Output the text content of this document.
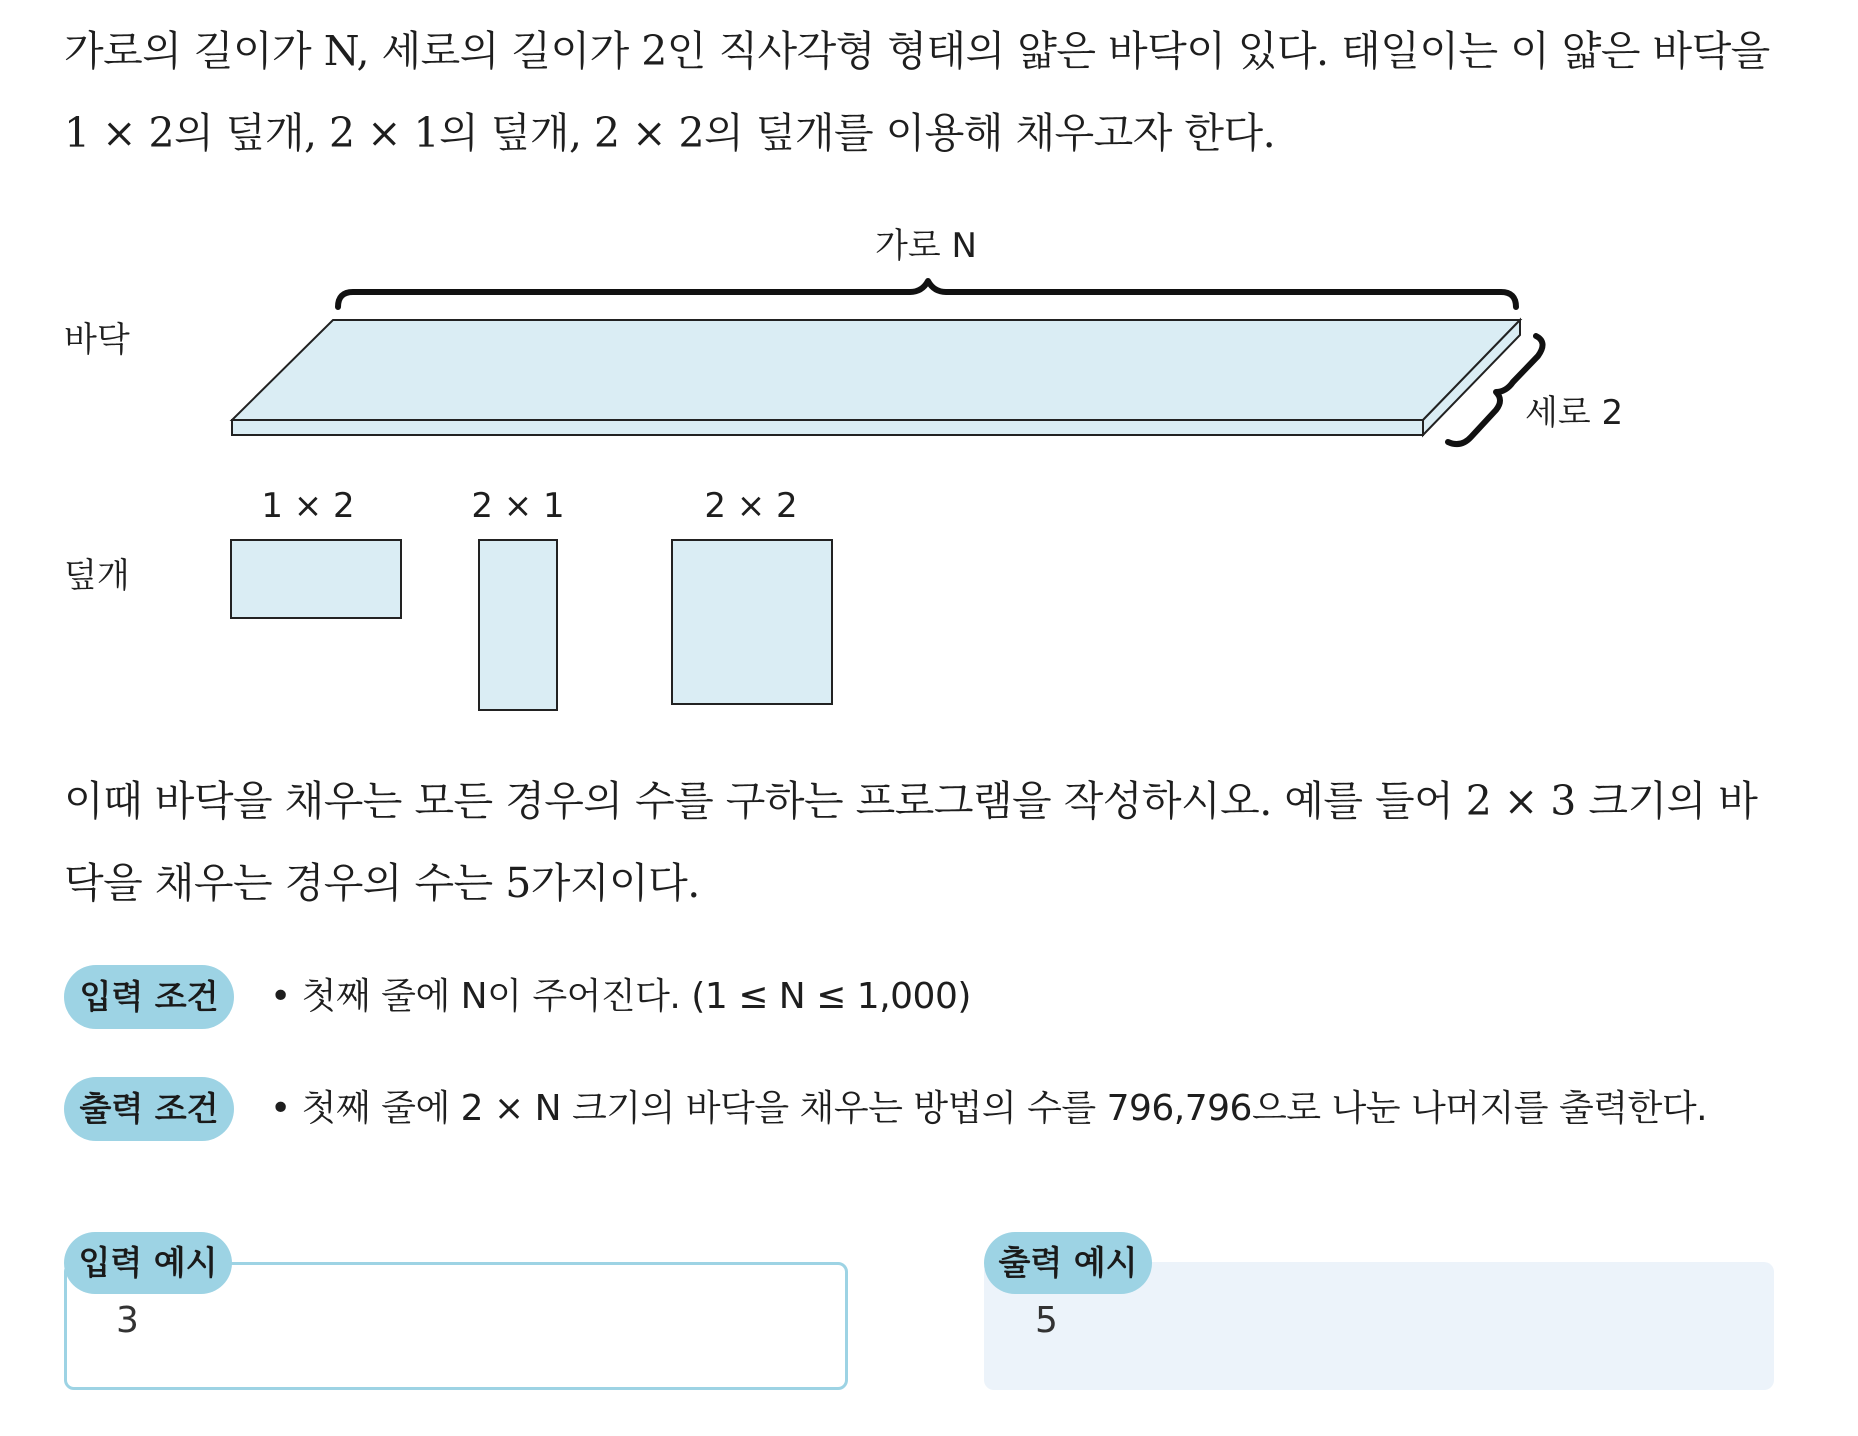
가로의 길이가 N, 세로의 길이가 2인 직사각형 형태의 얇은 바닥이 있다. 태일이는 이 얇은 바닥을 1 × 2의 덮개, 2 × 1의 덮개, 2 × 2의 덮개를 이용해 채우고자 한다.
바닥
가로 N
세로 2
1 × 2	2 × 1	2 × 2
덮개
이때 바닥을 채우는 모든 경우의 수를 구하는 프로그램을 작성하시오. 예를 들어 2 × 3 크기의 바닥을 채우는 경우의 수는 5가지이다.
입력 조건	• 첫째 줄에 N이 주어진다. (1 ≤ N ≤ 1,000)
출력 조건	• 첫째 줄에 2 × N 크기의 바닥을 채우는 방법의 수를 796,796으로 나눈 나머지를 출력한다.
입력 예시
3
출력 예시
5
